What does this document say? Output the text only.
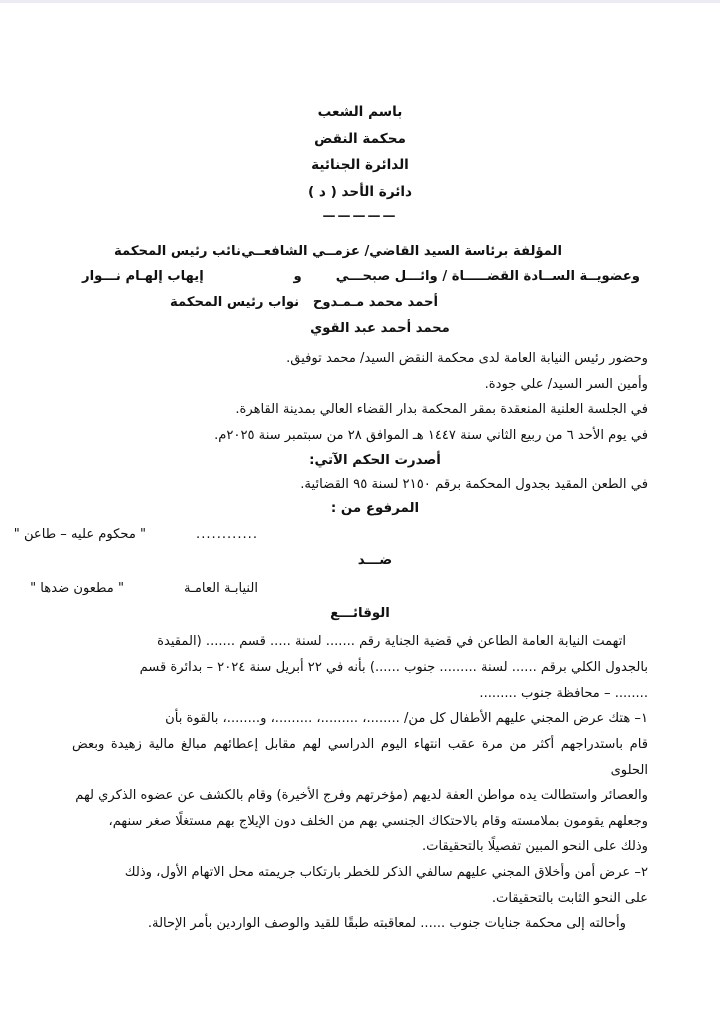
باسم الشعب

محكمة النقض

الدائرة الجنائية

دائرة الأحد ( د )

—————
المؤلفة برئاسة السيد القاضي/ عزمــي الشافعــي
نائب رئيس المحكمة
وعضويــة الســادة القضـــــاة / وائـــل صبحـــي
و
إيهاب إلهـام نـــوار
أحمد محمد مـمـدوح
نواب رئيس المحكمة
محمد أحمد عبد القوي

وحضور رئيس النيابة العامة لدى محكمة النقض السيد/ محمد توفيق.

وأمين السر السيد/ علي جودة.

في الجلسة العلنية المنعقدة بمقر المحكمة بدار القضاء العالي بمدينة القاهرة.

في يوم الأحد ٦ من ربيع الثاني سنة ١٤٤٧ هـ الموافق ٢٨ من سبتمبر سنة ٢٠٢٥م.

أصدرت الحكم الآتي:

في الطعن المقيد بجدول المحكمة برقم ٢١٥٠ لسنة ٩٥ القضائية.

المرفوع من :
............
" محكوم عليه – طاعن "
ضـــد
النيابـة العامـة
" مطعون ضدها "
الوقائـــع

اتهمت النيابة العامة الطاعن في قضية الجناية رقم ....... لسنة ..... قسم ....... (المقيدة

بالجدول الكلي برقم ...... لسنة ......... جنوب ......) بأنه في ٢٢ أبريل سنة ٢٠٢٤ – بدائرة قسم

........ – محافظة جنوب .........

١– هتك عرض المجني عليهم الأطفال كل من/ ........، .........، .........، و........، بالقوة بأن

قام باستدراجهم أكثر من مرة عقب انتهاء اليوم الدراسي لهم مقابل إعطائهم مبالغ مالية زهيدة وبعض الحلوى

والعصائر واستطالت يده مواطن العفة لديهم (مؤخرتهم وفرج الأخيرة) وقام بالكشف عن عضوه الذكري لهم

وجعلهم يقومون بملامسته وقام بالاحتكاك الجنسي بهم من الخلف دون الإيلاج بهم مستغلًا صغر سنهم،

وذلك على النحو المبين تفصيلًا بالتحقيقات.

٢– عرض أمن وأخلاق المجني عليهم سالفي الذكر للخطر بارتكاب جريمته محل الاتهام الأول، وذلك

على النحو الثابت بالتحقيقات.

وأحالته إلى محكمة جنايات جنوب ...... لمعاقبته طبقًا للقيد والوصف الواردين بأمر الإحالة.
